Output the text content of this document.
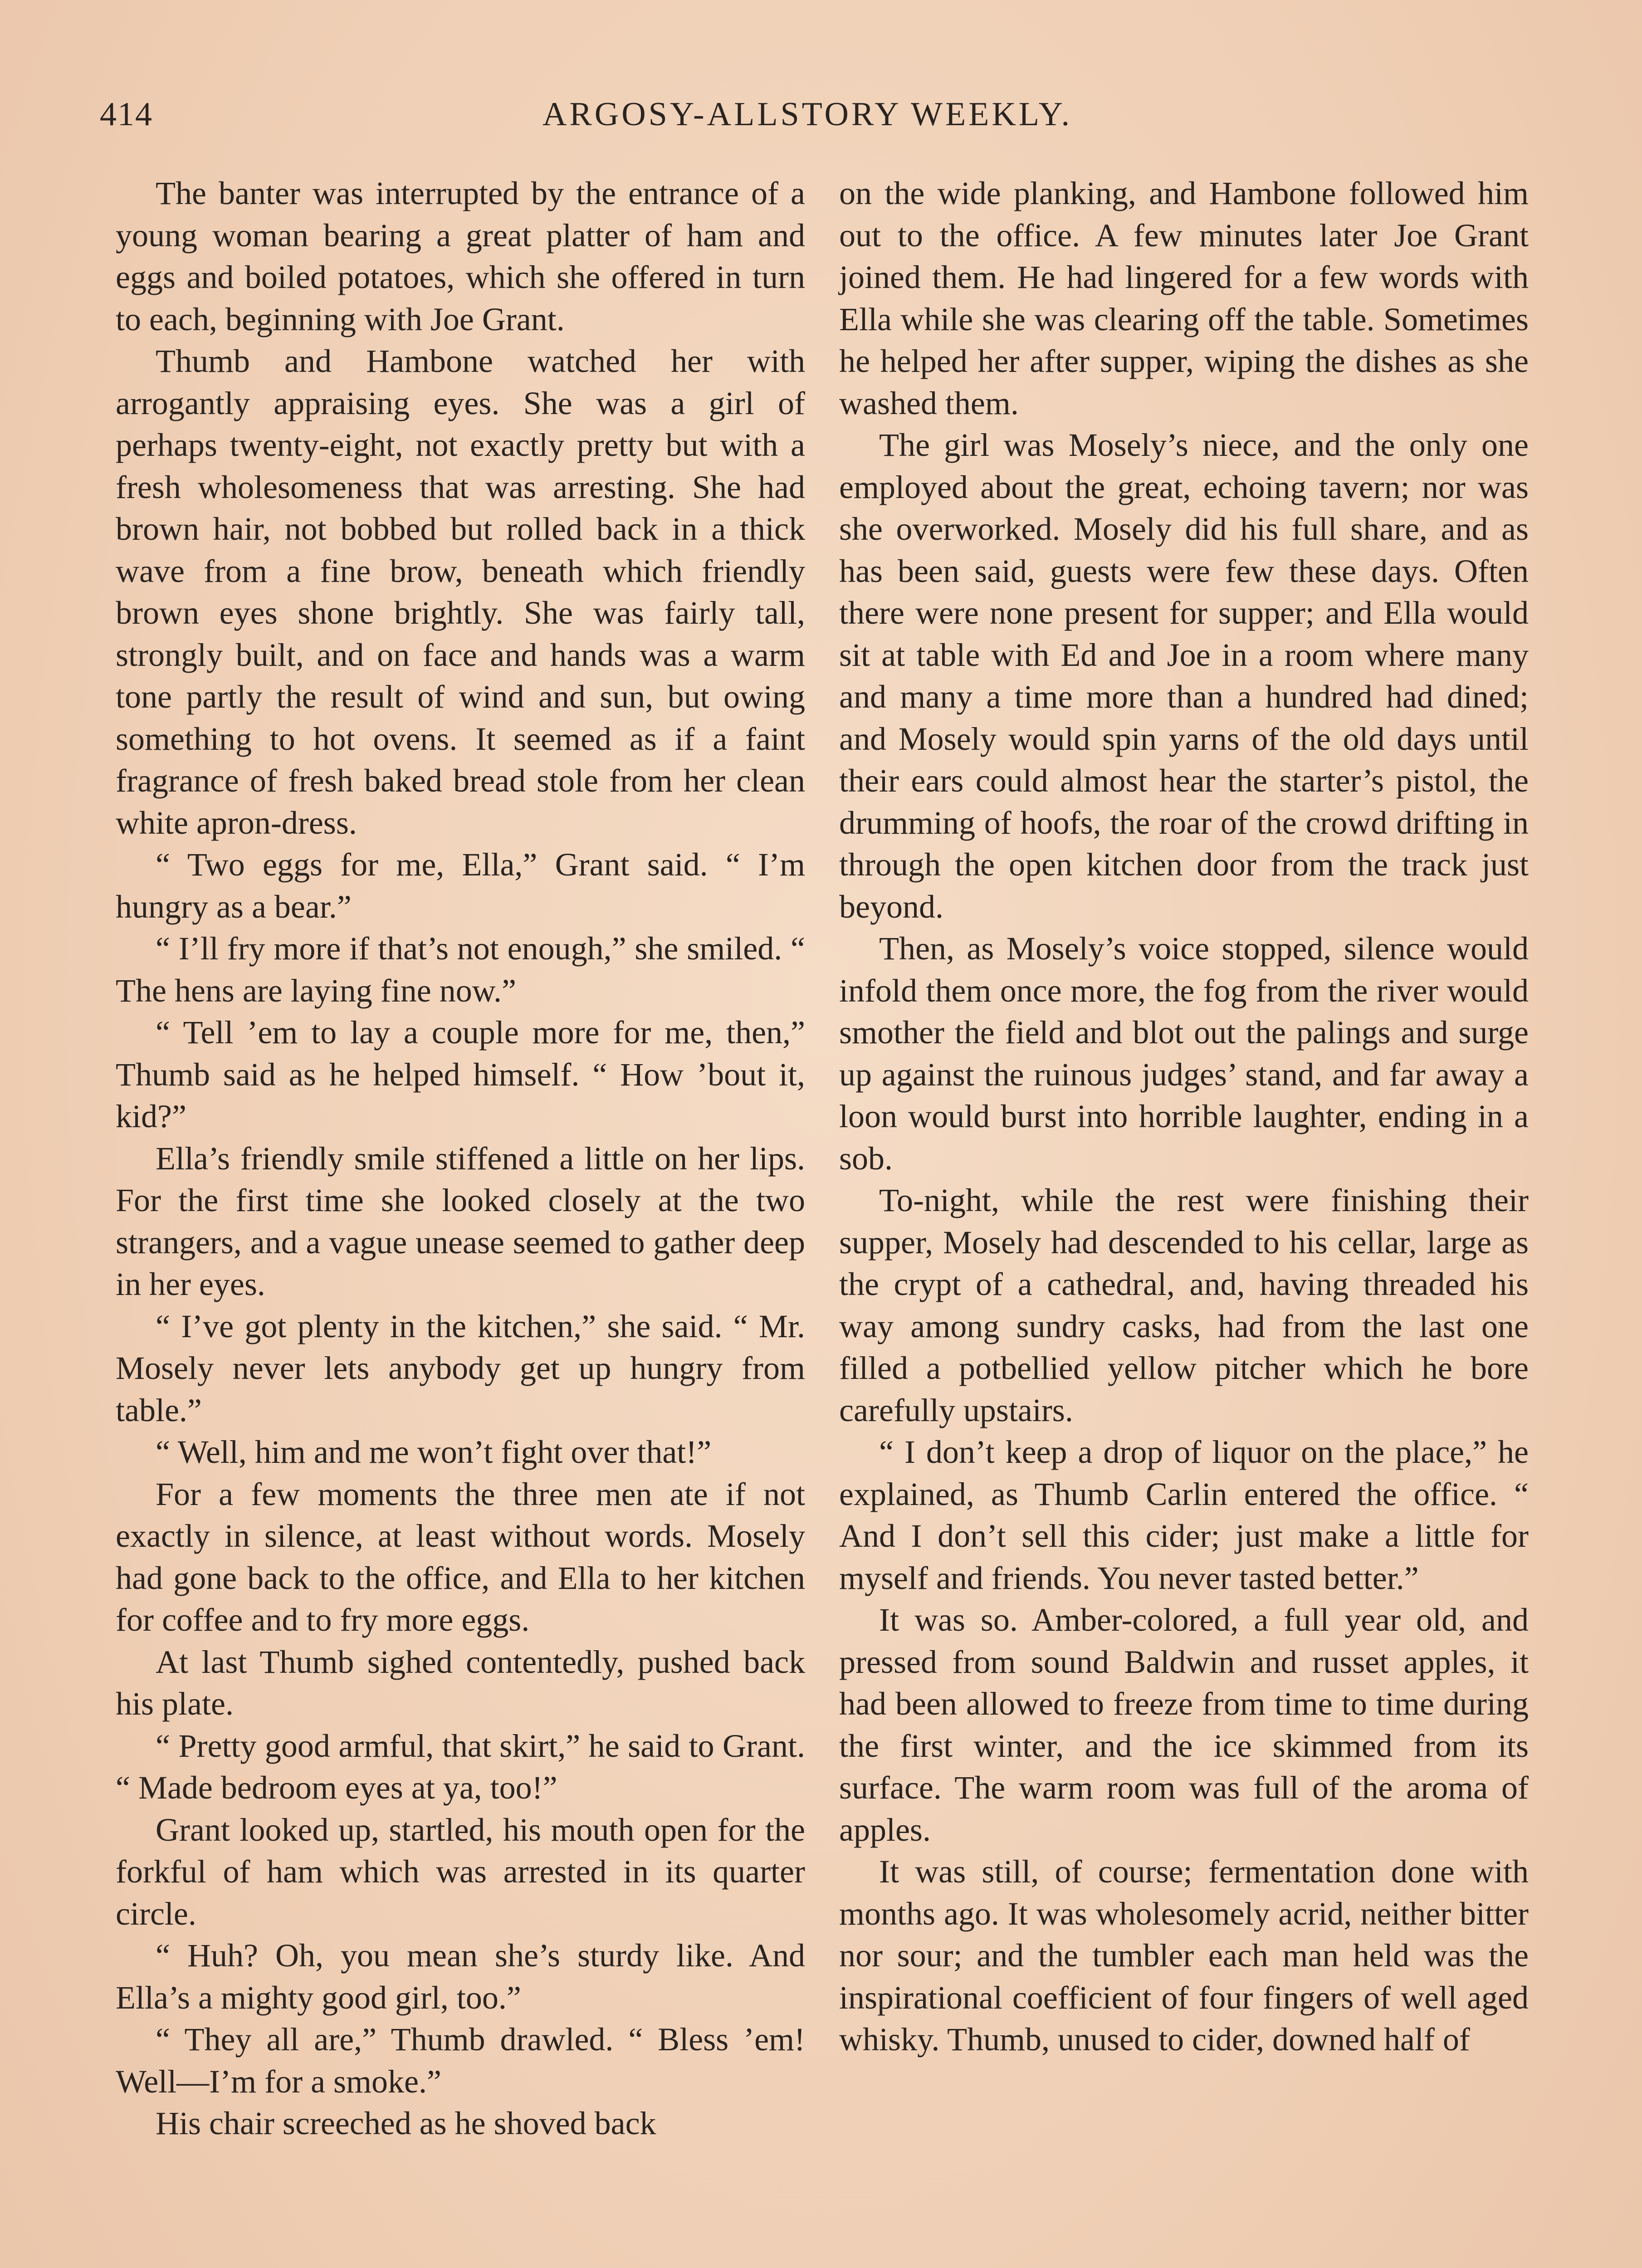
414	ARGOSY-ALLSTORY WEEKLY.

The banter was interrupted by the entrance of a young woman bearing a great platter of ham and eggs and boiled potatoes, which she offered in turn to each, beginning with Joe Grant.

Thumb and Hambone watched her with arrogantly appraising eyes. She was a girl of perhaps twenty-eight, not exactly pretty but with a fresh wholesomeness that was arresting. She had brown hair, not bobbed but rolled back in a thick wave from a fine brow, beneath which friendly brown eyes shone brightly. She was fairly tall, strongly built, and on face and hands was a warm tone partly the result of wind and sun, but owing something to hot ovens. It seemed as if a faint fragrance of fresh baked bread stole from her clean white apron-dress.

“ Two eggs for me, Ella,” Grant said. “ I’m hungry as a bear.”

“ I’ll fry more if that’s not enough,” she smiled. “ The hens are laying fine now.”

“ Tell ’em to lay a couple more for me, then,” Thumb said as he helped himself. “ How ’bout it, kid?”

Ella’s friendly smile stiffened a little on her lips. For the first time she looked closely at the two strangers, and a vague unease seemed to gather deep in her eyes.

“ I’ve got plenty in the kitchen,” she said. “ Mr. Mosely never lets anybody get up hungry from table.”

“ Well, him and me won’t fight over that!”

For a few moments the three men ate if not exactly in silence, at least without words. Mosely had gone back to the office, and Ella to her kitchen for coffee and to fry more eggs.

At last Thumb sighed contentedly, pushed back his plate.

“ Pretty good armful, that skirt,” he said to Grant. “ Made bedroom eyes at ya, too!”

Grant looked up, startled, his mouth open for the forkful of ham which was arrested in its quarter circle.

“ Huh? Oh, you mean she’s sturdy like. And Ella’s a mighty good girl, too.”

“ They all are,” Thumb drawled. “ Bless ’em! Well—I’m for a smoke.”

His chair screeched as he shoved back

on the wide planking, and Hambone followed him out to the office. A few minutes later Joe Grant joined them. He had lingered for a few words with Ella while she was clearing off the table. Sometimes he helped her after supper, wiping the dishes as she washed them.

The girl was Mosely’s niece, and the only one employed about the great, echoing tavern; nor was she overworked. Mosely did his full share, and as has been said, guests were few these days. Often there were none present for supper; and Ella would sit at table with Ed and Joe in a room where many and many a time more than a hundred had dined; and Mosely would spin yarns of the old days until their ears could almost hear the starter’s pistol, the drumming of hoofs, the roar of the crowd drifting in through the open kitchen door from the track just beyond.

Then, as Mosely’s voice stopped, silence would infold them once more, the fog from the river would smother the field and blot out the palings and surge up against the ruinous judges’ stand, and far away a loon would burst into horrible laughter, ending in a sob.

To-night, while the rest were finishing their supper, Mosely had descended to his cellar, large as the crypt of a cathedral, and, having threaded his way among sundry casks, had from the last one filled a potbellied yellow pitcher which he bore carefully upstairs.

“ I don’t keep a drop of liquor on the place,” he explained, as Thumb Carlin entered the office. “ And I don’t sell this cider; just make a little for myself and friends. You never tasted better.”

It was so. Amber-colored, a full year old, and pressed from sound Baldwin and russet apples, it had been allowed to freeze from time to time during the first winter, and the ice skimmed from its surface. The warm room was full of the aroma of apples.

It was still, of course; fermentation done with months ago. It was wholesomely acrid, neither bitter nor sour; and the tumbler each man held was the inspirational coefficient of four fingers of well aged whisky. Thumb, unused to cider, downed half of
